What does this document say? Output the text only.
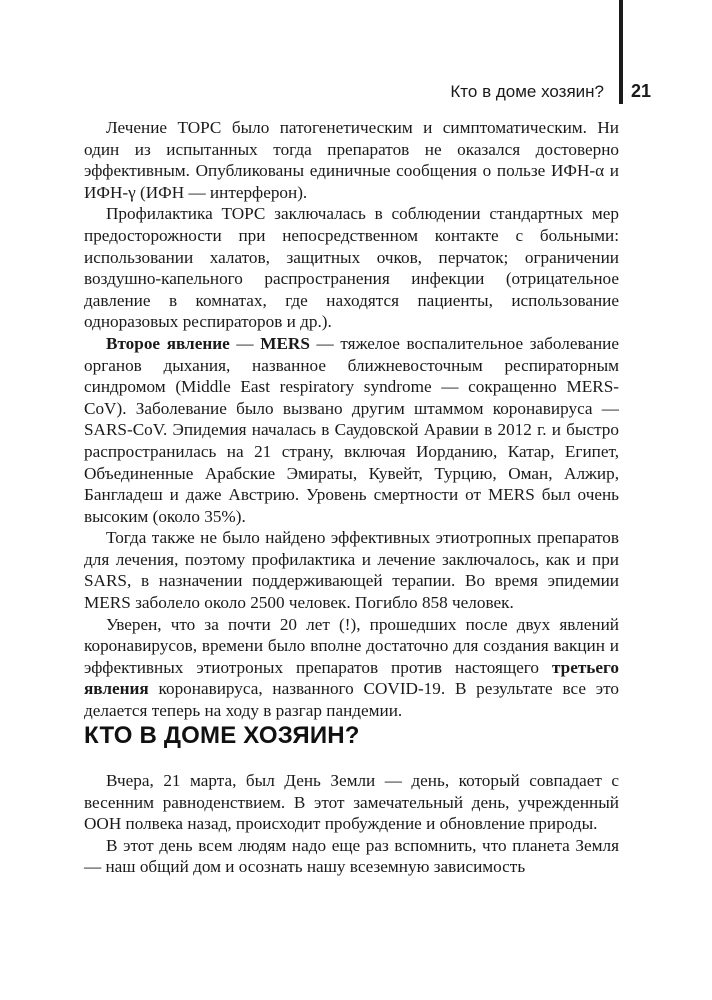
Кто в доме хозяин? 21

Лечение ТОРС было патогенетическим и симптоматическим. Ни один из испытанных тогда препаратов не оказался достоверно эффективным. Опубликованы единичные сообщения о пользе ИФН-α и ИФН-γ (ИФН — интерферон).

Профилактика ТОРС заключалась в соблюдении стандартных мер предосторожности при непосредственном контакте с больными: использовании халатов, защитных очков, перчаток; ограничении воздушно-капельного распространения инфекции (отрицательное давление в комнатах, где находятся пациенты, использование одноразовых респираторов и др.).

Второе явление — MERS — тяжелое воспалительное заболевание органов дыхания, названное ближневосточным респираторным синдромом (Middle East respiratory syndrome — сокращенно MERS-CoV). Заболевание было вызвано другим штаммом коронавируса — SARS-CoV. Эпидемия началась в Саудовской Аравии в 2012 г. и быстро распространилась на 21 страну, включая Иорданию, Катар, Египет, Объединенные Арабские Эмираты, Кувейт, Турцию, Оман, Алжир, Бангладеш и даже Австрию. Уровень смертности от MERS был очень высоким (около 35%).

Тогда также не было найдено эффективных этиотропных препаратов для лечения, поэтому профилактика и лечение заключалось, как и при SARS, в назначении поддерживающей терапии. Во время эпидемии MERS заболело около 2500 человек. Погибло 858 человек.

Уверен, что за почти 20 лет (!), прошедших после двух явлений коронавирусов, времени было вполне достаточно для создания вакцин и эффективных этиотроных препаратов против настоящего третьего явления коронавируса, названного COVID-19. В результате все это делается теперь на ходу в разгар пандемии.

КТО В ДОМЕ ХОЗЯИН?

Вчера, 21 марта, был День Земли — день, который совпадает с весенним равноденствием. В этот замечательный день, учрежденный ООН полвека назад, происходит пробуждение и обновление природы.

В этот день всем людям надо еще раз вспомнить, что планета Земля — наш общий дом и осознать нашу всеземную зависимость
